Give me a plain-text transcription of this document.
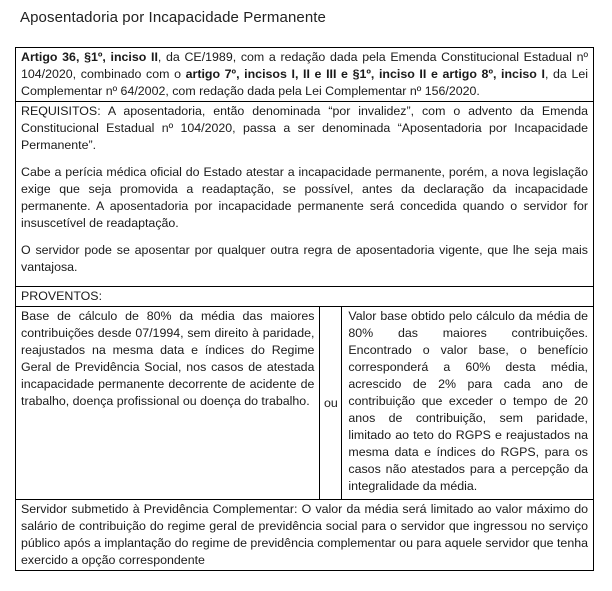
Aposentadoria por Incapacidade Permanente
Artigo 36, §1º, inciso II, da CE/1989, com a redação dada pela Emenda Constitucional Estadual nº 104/2020, combinado com o artigo 7º, incisos I, II e III e §1º, inciso II e artigo 8º, inciso I, da Lei Complementar nº 64/2002, com redação dada pela Lei Complementar nº 156/2020.

REQUISITOS: A aposentadoria, então denominada “por invalidez”, com o advento da Emenda Constitucional Estadual nº 104/2020, passa a ser denominada “Aposentadoria por Incapacidade Permanente”.

Cabe a perícia médica oficial do Estado atestar a incapacidade permanente, porém, a nova legislação exige que seja promovida a readaptação, se possível, antes da declaração da incapacidade permanente. A aposentadoria por incapacidade permanente será concedida quando o servidor for insuscetível de readaptação.

O servidor pode se aposentar por qualquer outra regra de aposentadoria vigente, que lhe seja mais vantajosa.

PROVENTOS:
Base de cálculo de 80% da média das maiores contribuições desde 07/1994, sem direito à paridade, reajustados na mesma data e índices do Regime Geral de Previdência Social, nos casos de atestada incapacidade permanente decorrente de acidente de trabalho, doença profissional ou doença do trabalho.	ou	Valor base obtido pelo cálculo da média de 80% das maiores contribuições. Encontrado o valor base, o benefício corresponderá a 60% desta média, acrescido de 2% para cada ano de contribuição que exceder o tempo de 20 anos de contribuição, sem paridade, limitado ao teto do RGPS e reajustados na mesma data e índices do RGPS, para os casos não atestados para a percepção da integralidade da média.
Servidor submetido à Previdência Complementar: O valor da média será limitado ao valor máximo do salário de contribuição do regime geral de previdência social para o servidor que ingressou no serviço público após a implantação do regime de previdência complementar ou para aquele servidor que tenha exercido a opção correspondente
